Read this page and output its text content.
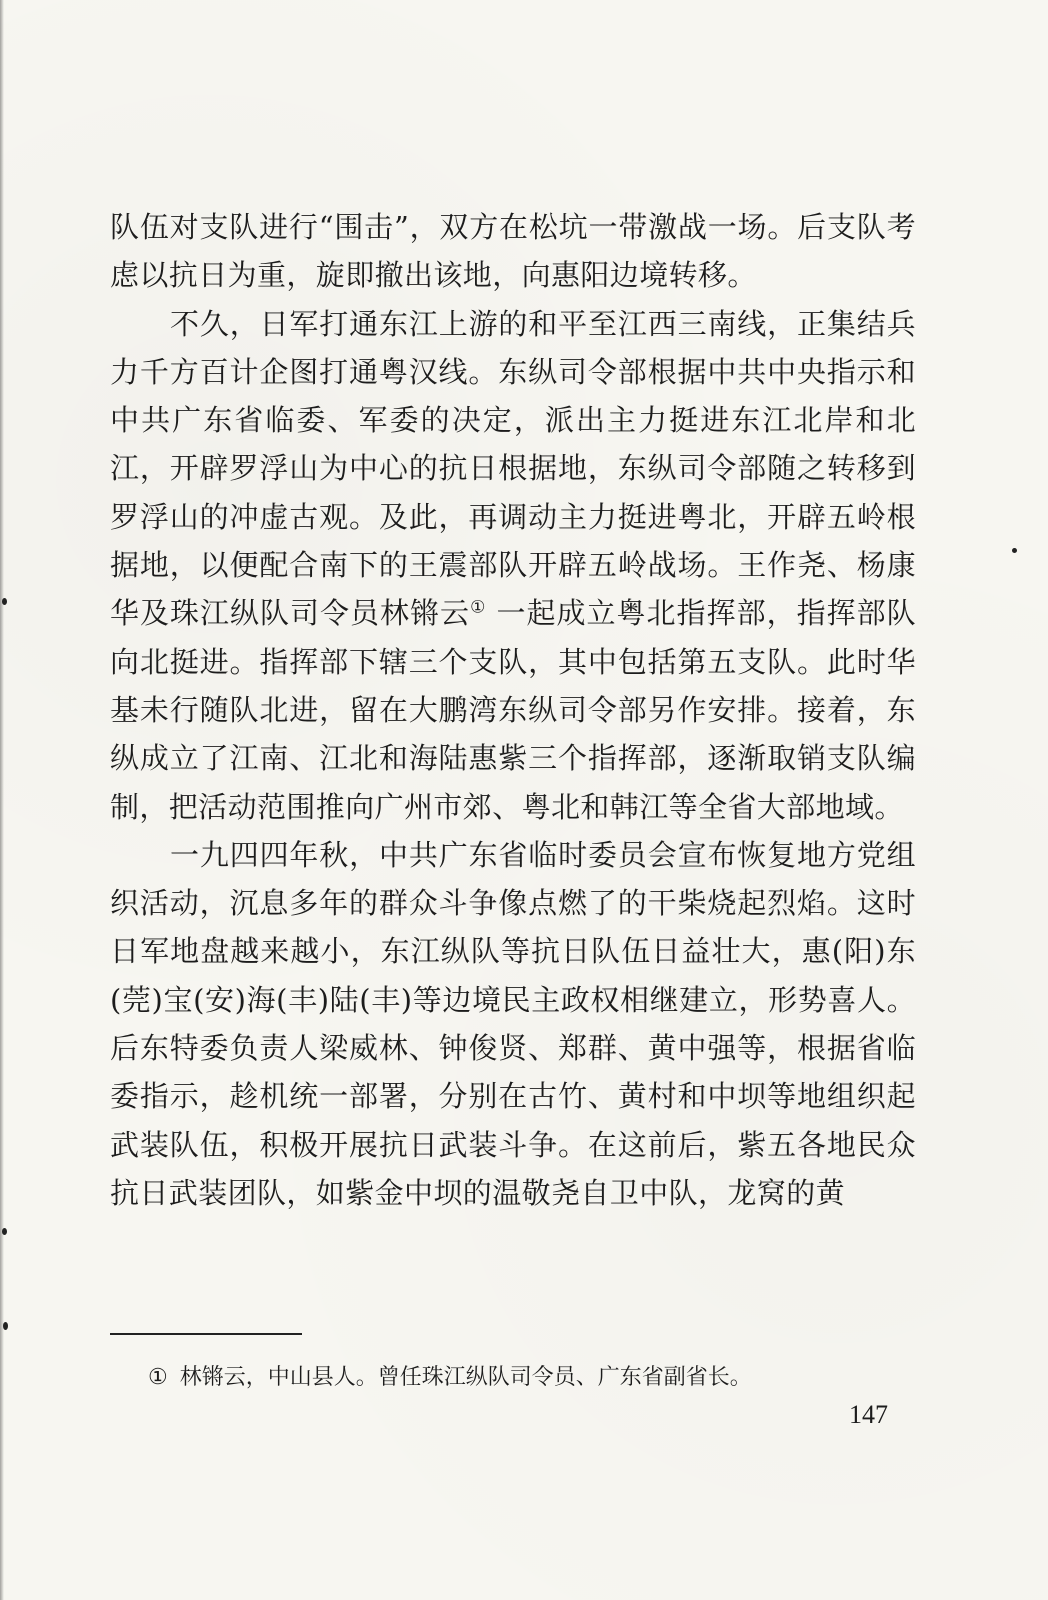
队伍对支队进行“围击”，双方在松坑一带激战一场。后支队考虑以抗日为重，旋即撤出该地，向惠阳边境转移。

不久，日军打通东江上游的和平至江西三南线，正集结兵力千方百计企图打通粤汉线。东纵司令部根据中共中央指示和中共广东省临委、军委的决定，派出主力挺进东江北岸和北江，开辟罗浮山为中心的抗日根据地，东纵司令部随之转移到罗浮山的冲虚古观。及此，再调动主力挺进粤北，开辟五岭根据地，以便配合南下的王震部队开辟五岭战场。王作尧、杨康华及珠江纵队司令员林锵云① 一起成立粤北指挥部，指挥部队向北挺进。指挥部下辖三个支队，其中包括第五支队。此时华基未行随队北进，留在大鹏湾东纵司令部另作安排。接着，东纵成立了江南、江北和海陆惠紫三个指挥部，逐渐取销支队编制，把活动范围推向广州市郊、粤北和韩江等全省大部地域。

一九四四年秋，中共广东省临时委员会宣布恢复地方党组织活动，沉息多年的群众斗争像点燃了的干柴烧起烈焰。这时日军地盘越来越小，东江纵队等抗日队伍日益壮大，惠(阳)东(莞)宝(安)海(丰)陆(丰)等边境民主政权相继建立，形势喜人。后东特委负责人梁威林、钟俊贤、郑群、黄中强等，根据省临委指示，趁机统一部署，分别在古竹、黄村和中坝等地组织起武装队伍，积极开展抗日武装斗争。在这前后，紫五各地民众抗日武装团队，如紫金中坝的温敬尧自卫中队，龙窝的黄

① 林锵云，中山县人。曾任珠江纵队司令员、广东省副省长。
147
